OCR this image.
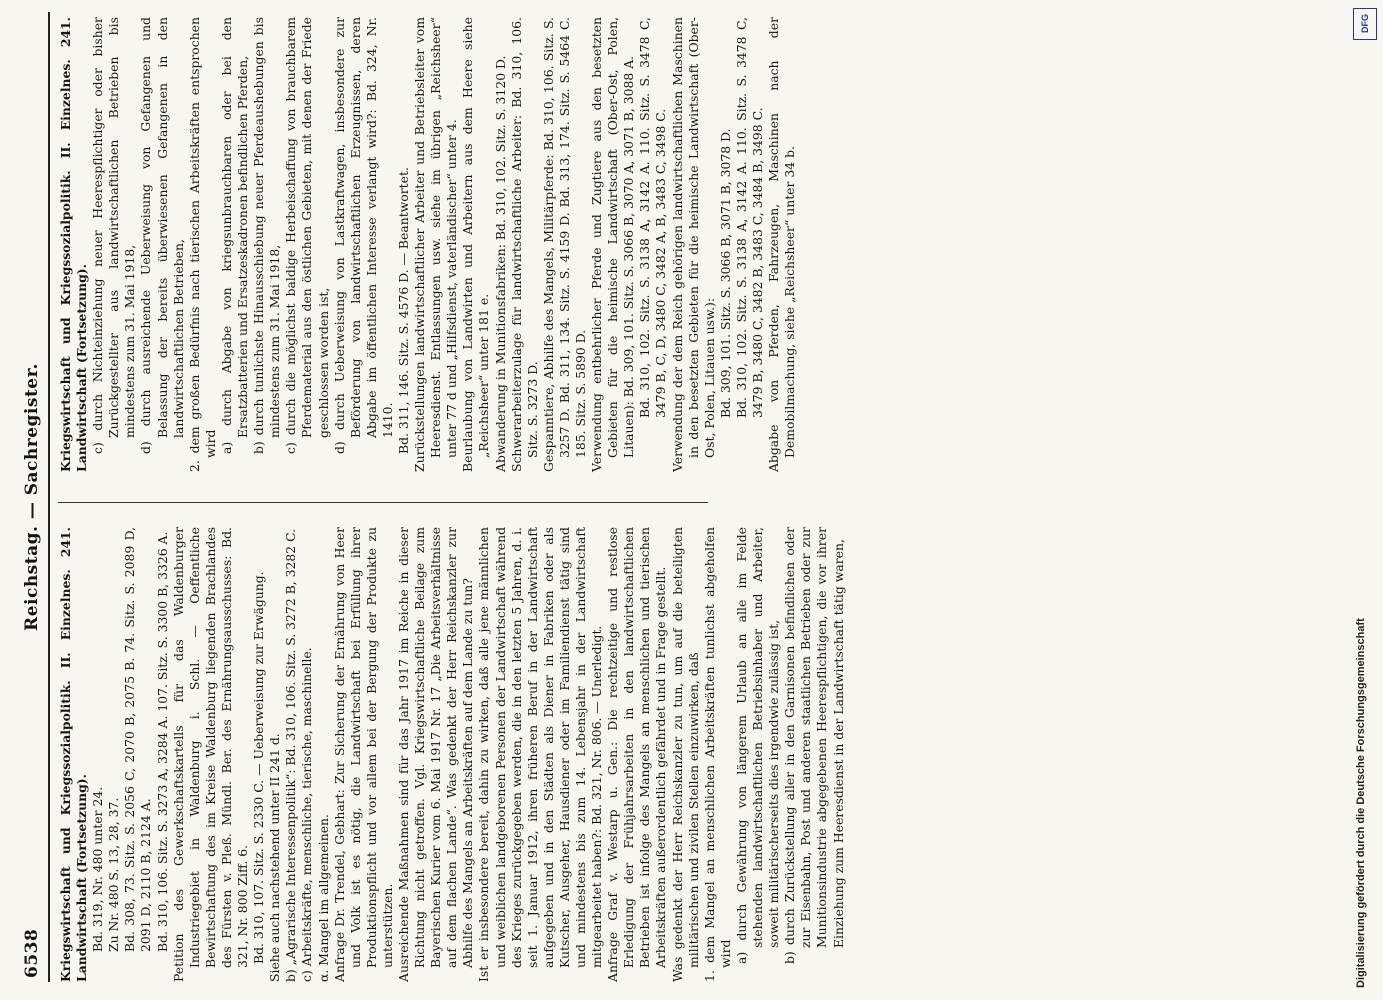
6538
Reichstag. — Sachregister.

Kriegswirtschaft und Kriegssozialpolitik. II. Einzelnes. 241. Landwirtschaft (Fortsetzung). Bd. 319, Nr. 480 unter 24. Zu Nr. 480 S. 13, 28, 37. Bd. 308, 73. Sitz. S. 2056 C, 2070 B, 2075 B. 74. Sitz. S. 2089 D, 2091 D, 2110 B, 2124 A. Bd. 310, 106. Sitz. S. 3273 A, 3284 A. 107. Sitz. S. 3300 B, 3326 A. Petition des Gewerkschaftskartells für das Waldenburger Industriegebiet in Waldenburg i. Schl. — Oeffentliche Bewirtschaftung des im Kreise Waldenburg liegenden Brachlandes des Fürsten v. Pleß. Mündl. Ber. des Ernährungsausschusses: Bd. 321, Nr. 800 Ziff. 6. Bd. 310, 107. Sitz. S. 2330 C. — Ueberweisung zur Erwägung. Siehe auch nachstehend unter II 241 d. b) „Agrarische Interessenpolitik“: Bd. 310, 106. Sitz. S. 3272 B, 3282 C. c) Arbeitskräfte, menschliche, tierische, maschinelle. α. Mangel im allgemeinen. Anfrage Dr. Trendel, Gebhart: Zur Sicherung der Ernährung von Heer und Volk ist es nötig, die Landwirtschaft bei Erfüllung ihrer Produktionspflicht und vor allem bei der Bergung der Produkte zu unterstützen. Ausreichende Maßnahmen sind für das Jahr 1917 im Reiche in dieser Richtung nicht getroffen. Vgl. Kriegswirtschaftliche Beilage zum Bayerischen Kurier vom 6. Mai 1917 Nr. 17 „Die Arbeitsverhältnisse auf dem flachen Lande“. Was gedenkt der Herr Reichskanzler zur Abhilfe des Mangels an Arbeitskräften auf dem Lande zu tun? Ist er insbesondere bereit, dahin zu wirken, daß alle jene männlichen und weiblichen landgeborenen Personen der Landwirtschaft während des Krieges zurückgegeben werden, die in den letzten 5 Jahren, d. i. seit 1. Januar 1912, ihren früheren Beruf in der Landwirtschaft aufgegeben und in den Städten als Diener in Fabriken oder als Kutscher, Ausgeher, Hausdiener oder im Familiendienst tätig sind und mindestens bis zum 14. Lebensjahr in der Landwirtschaft mitgearbeitet haben?: Bd. 321, Nr. 806. — Unerledigt. Anfrage Graf v. Westarp u. Gen.: Die rechtzeitige und restlose Erledigung der Frühjahrsarbeiten in den landwirtschaftlichen Betrieben ist infolge des Mangels an menschlichen und tierischen Arbeitskräften außerordentlich gefährdet und in Frage gestellt. Was gedenkt der Herr Reichskanzler zu tun, um auf die beteiligten militärischen und zivilen Stellen einzuwirken, daß 1. dem Mangel an menschlichen Arbeitskräften tunlichst abgeholfen wird a) durch Gewährung von längerem Urlaub an alle im Felde stehenden landwirtschaftlichen Betriebsinhaber und Arbeiter, soweit militärischerseits dies irgendwie zulässig ist, b) durch Zurückstellung aller in den Garnisonen befindlichen oder zur Eisenbahn, Post und anderen staatlichen Betrieben oder zur Munitionsindustrie abgegebenen Heerespflichtigen, die vor ihrer Einziehung zum Heeresdienst in der Landwirtschaft tätig waren,

Kriegswirtschaft und Kriegssozialpolitik. II. Einzelnes. 241. Landwirtschaft (Fortsetzung). c) durch Nichteinziehung neuer Heerespflichtiger oder bisher Zurückgestellter aus landwirtschaftlichen Betrieben bis mindestens zum 31. Mai 1918, d) durch ausreichende Ueberweisung von Gefangenen und Belassung der bereits überwiesenen Gefangenen in den landwirtschaftlichen Betrieben, 2. dem großen Bedürfnis nach tierischen Arbeitskräften entsprochen wird a) durch Abgabe von kriegsunbrauchbaren oder bei den Ersatzbatterien und Ersatzeskadronen befindlichen Pferden, b) durch tunlichste Hinausschiebung neuer Pferdeaushebungen bis mindestens zum 31. Mai 1918, c) durch die möglichst baldige Herbeischaffung von brauchbarem Pferdematerial aus den östlichen Gebieten, mit denen der Friede geschlossen worden ist, d) durch Ueberweisung von Lastkraftwagen, insbesondere zur Beförderung von landwirtschaftlichen Erzeugnissen, deren Abgabe im öffentlichen Interesse verlangt wird?: Bd. 324, Nr. 1410. Bd. 311, 146. Sitz. S. 4576 D. — Beantwortet. Zurückstellungen landwirtschaftlicher Arbeiter und Betriebsleiter vom Heeresdienst. Entlassungen usw. siehe im übrigen „Reichsheer“ unter 77 d und „Hilfsdienst, vaterländischer“ unter 4. Beurlaubung von Landwirten und Arbeitern aus dem Heere siehe „Reichsheer“ unter 181 e. Abwanderung in Munitionsfabriken: Bd. 310, 102. Sitz. S. 3120 D. Schwerarbeiterzulage für landwirtschaftliche Arbeiter: Bd. 310, 106. Sitz. S. 3273 D. Gespanntiere, Abhilfe des Mangels, Militärpferde: Bd. 310, 106. Sitz. S. 3257 D. Bd. 311, 134. Sitz. S. 4159 D. Bd. 313, 174. Sitz. S. 5464 C. 185. Sitz. S. 5890 D. Verwendung entbehrlicher Pferde und Zugtiere aus den besetzten Gebieten für die heimische Landwirtschaft (Ober-Ost, Polen, Litauen): Bd. 309, 101. Sitz. S. 3066 B, 3070 A, 3071 B, 3088 A. Bd. 310, 102. Sitz. S. 3138 A, 3142 A. 110. Sitz. S. 3478 C, 3479 B, C, D, 3480 C, 3482 A, B, 3483 C, 3498 C. Verwendung der dem Reich gehörigen landwirtschaftlichen Maschinen in den besetzten Gebieten für die heimische Landwirtschaft (Ober-Ost, Polen, Litauen usw.): Bd. 309, 101. Sitz. S. 3066 B, 3071 B, 3078 D. Bd. 310, 102. Sitz. S. 3138 A, 3142 A. 110. Sitz. S. 3478 C, 3479 B, 3480 C, 3482 B, 3483 C, 3484 B, 3498 C. Abgabe von Pferden, Fahrzeugen, Maschinen nach der Demobilmachung, siehe „Reichsheer“ unter 34 b.

DFG
Digitalisierung gefördert durch die Deutsche Forschungsgemeinschaft
